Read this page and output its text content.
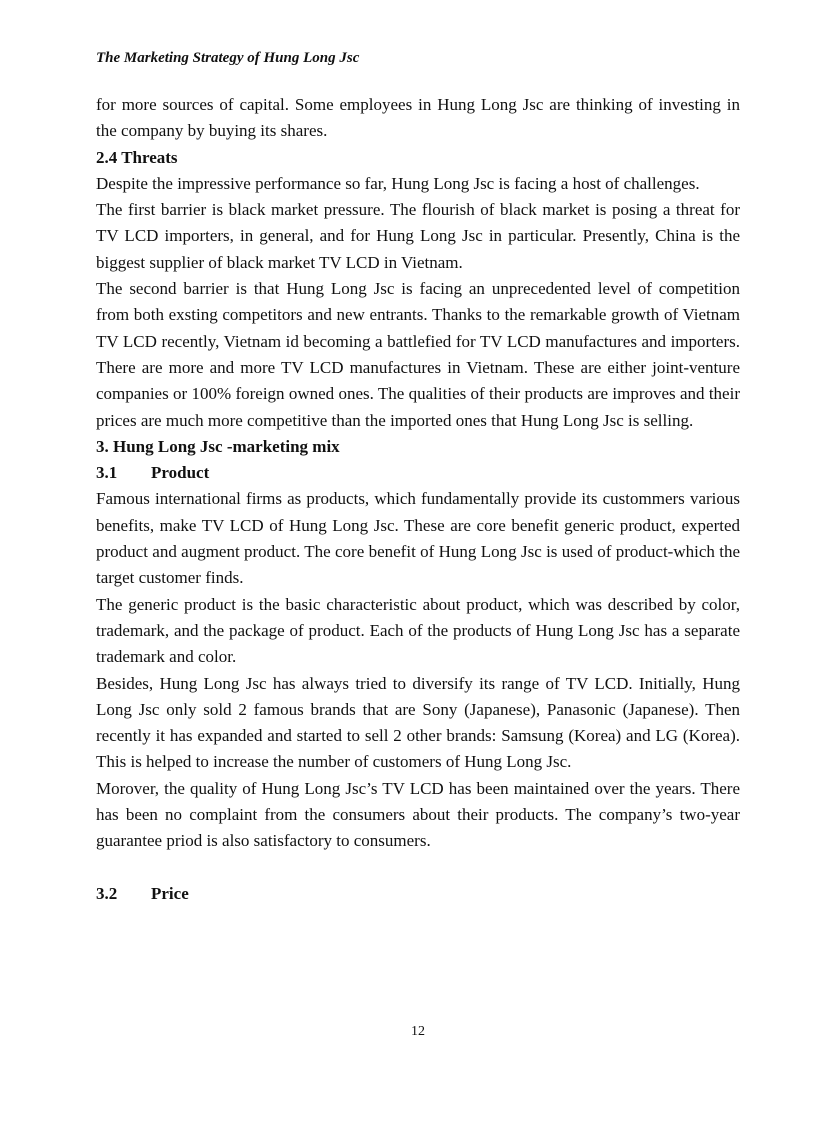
The Marketing Strategy of Hung Long Jsc

for more sources of capital. Some employees in Hung Long Jsc are thinking of investing in the company by buying its shares.

2.4 Threats

Despite the impressive performance so far, Hung Long Jsc is facing a host of challenges.

The first barrier is black market pressure. The flourish of black market is posing a threat for TV LCD importers, in general, and for Hung Long Jsc in particular. Presently, China is the biggest supplier of black market TV LCD in Vietnam.

The second barrier is that Hung Long Jsc is facing an unprecedented level of competition from both exsting competitors and new entrants. Thanks to the remarkable growth of Vietnam TV LCD recently, Vietnam id becoming a battlefied for TV LCD manufactures and importers. There are more and more TV LCD manufactures in Vietnam. These are either joint-venture companies or 100% foreign owned ones. The qualities of their products are improves and their prices are much more competitive than the imported ones that Hung Long Jsc is selling.

3. Hung Long Jsc -marketing mix
3.1 Product

Famous international firms as products, which fundamentally provide its custommers various benefits, make TV LCD of Hung Long Jsc. These are core benefit generic product, experted product and augment product. The core benefit of Hung Long Jsc is used of product-which the target customer finds.

The generic product is the basic characteristic about product, which was described by color, trademark, and the package of product. Each of the products of Hung Long Jsc has a separate trademark and color.

Besides, Hung Long Jsc has always tried to diversify its range of TV LCD. Initially, Hung Long Jsc only sold 2 famous brands that are Sony (Japanese), Panasonic (Japanese). Then recently it has expanded and started to sell 2 other brands: Samsung (Korea) and LG (Korea). This is helped to increase the number of customers of Hung Long Jsc.

Morover, the quality of Hung Long Jsc’s TV LCD has been maintained over the years. There has been no complaint from the consumers about their products. The company’s two-year guarantee priod is also satisfactory to consumers.

3.2 Price
12
